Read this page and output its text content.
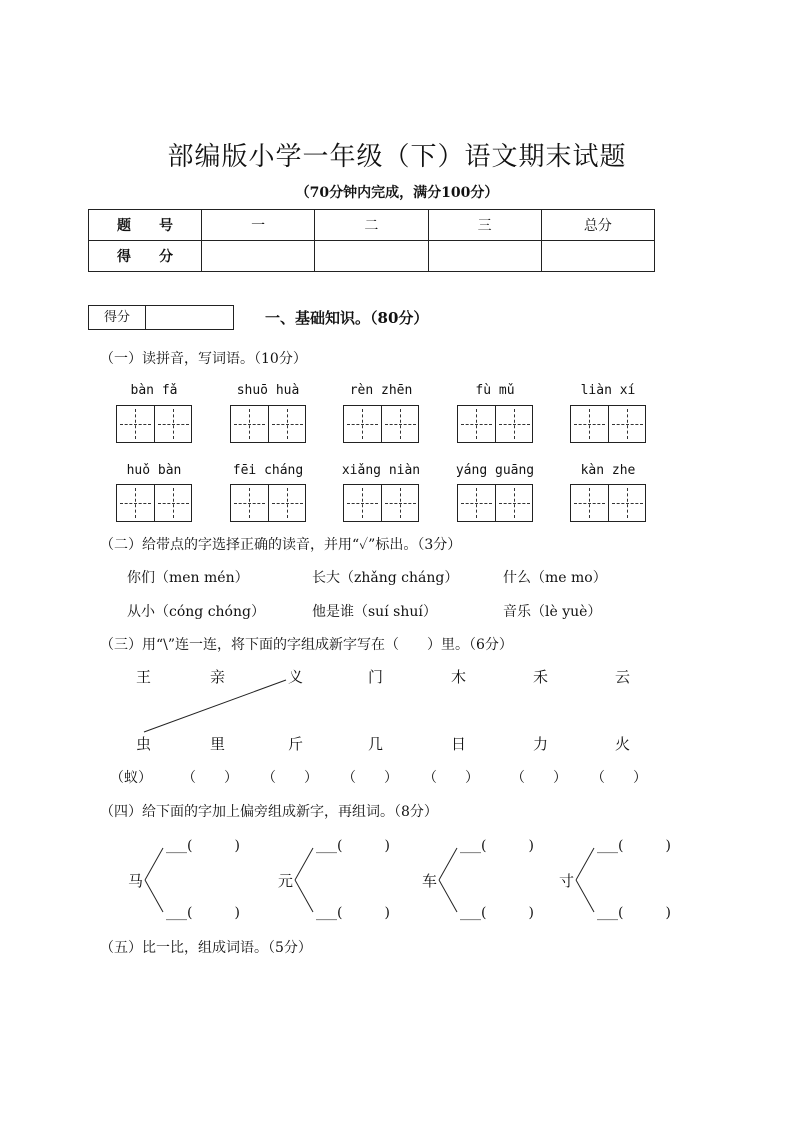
部编版小学一年级（下）语文期末试题
（70分钟内完成，满分100分）
题　　号	一	二	三	总分
得　　分				
得分	一、基础知识。（80分）
（一）读拼音，写词语。（10分）
bàn fǎ	shuō huà	rèn zhēn	fù mǔ	liàn xí
huǒ bàn	fēi cháng	xiǎng niàn	yáng guāng	kàn zhe
（二）给带点的字选择正确的读音，并用“✓”标出。（3分）
你们（men mén）	长大（zhǎng cháng）	什么（me mo）
从小（cóng chóng）	他是谁（suí shuí）	音乐（lè yuè）
（三）用“\”连一连，将下面的字组成新字写在（　　）里。（6分）
王	亲	义	门	木	禾	云
虫	里	斤	几	日	力	火
（蚁） （　　） （　　） （　　） （　　） （　　） （　　）
（四）给下面的字加上偏旁组成新字，再组词。（8分）
马
___(　　　)
___(　　　)
元
___(　　　)
___(　　　)
车
___(　　　)
___(　　　)
寸
___(　　　)
___(　　　)
（五）比一比，组成词语。（5分）
